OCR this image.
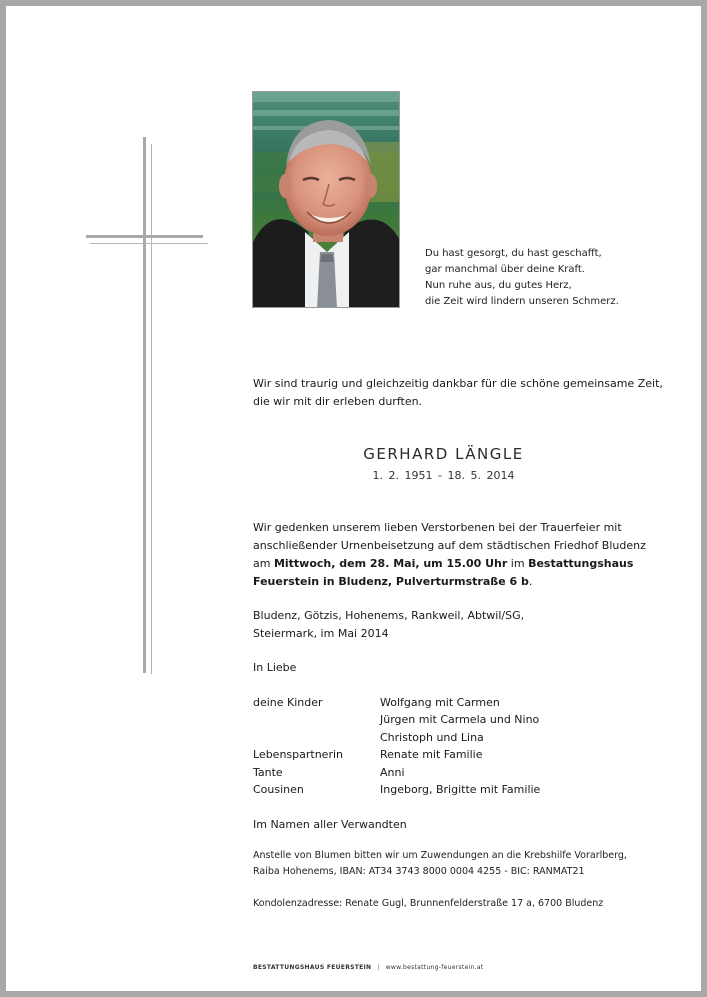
Du hast gesorgt, du hast geschafft,
gar manchmal über deine Kraft.
Nun ruhe aus, du gutes Herz,
die Zeit wird lindern unseren Schmerz.
Wir sind traurig und gleichzeitig dankbar für die schöne gemeinsame Zeit,
die wir mit dir erleben durften.
GERHARD LÄNGLE
1. 2. 1951 - 18. 5. 2014
Wir gedenken unserem lieben Verstorbenen bei der Trauerfeier mit
anschließender Urnenbeisetzung auf dem städtischen Friedhof Bludenz
am Mittwoch, dem 28. Mai, um 15.00 Uhr im Bestattungshaus
Feuerstein in Bludenz, Pulverturmstraße 6 b.
Bludenz, Götzis, Hohenems, Rankweil, Abtwil/SG,
Steiermark, im Mai 2014
In Liebe
deine Kinder	Wolfgang mit Carmen
Jürgen mit Carmela und Nino
Christoph und Lina
Lebenspartnerin	Renate mit Familie
Tante	Anni
Cousinen	Ingeborg, Brigitte mit Familie
Im Namen aller Verwandten
Anstelle von Blumen bitten wir um Zuwendungen an die Krebshilfe Vorarlberg,
Raiba Hohenems, IBAN: AT34 3743 8000 0004 4255 - BIC: RANMAT21
Kondolenzadresse: Renate Gugl, Brunnenfelderstraße 17 a, 6700 Bludenz
BESTATTUNGSHAUS FEUERSTEIN | www.bestattung-feuerstein.at
